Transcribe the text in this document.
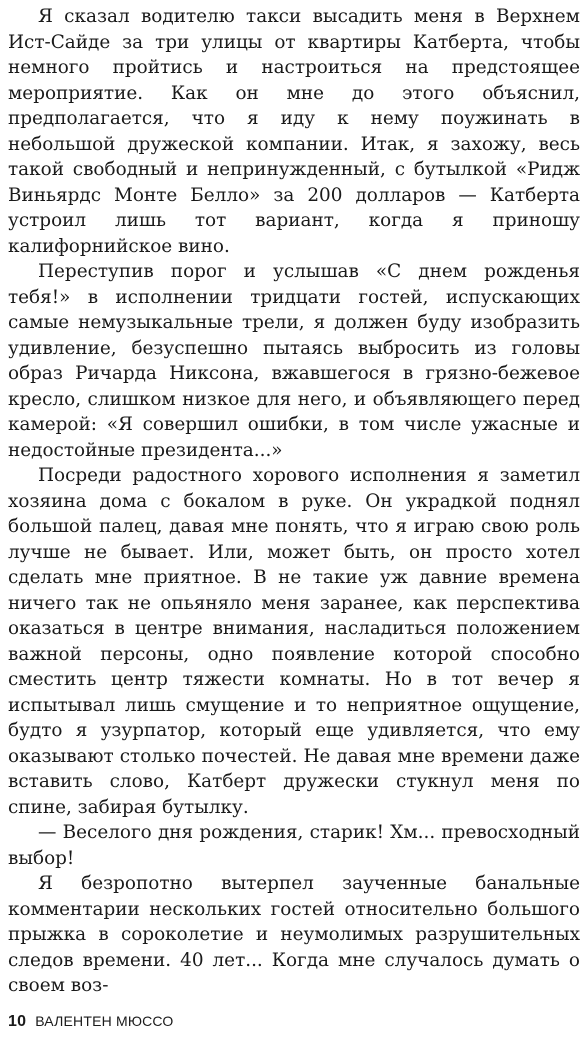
Я сказал водителю такси высадить меня в Верхнем Ист-Сайде за три улицы от квартиры Катберта, чтобы немного пройтись и настроиться на предстоящее мероприятие. Как он мне до этого объяснил, предполагается, что я иду к нему поужинать в небольшой дружеской компании. Итак, я захожу, весь такой свободный и непринужденный, с бутылкой «Ридж Виньярдс Монте Белло» за 200 долларов — Катберта устроил лишь тот вариант, когда я приношу калифорнийское вино.

Переступив порог и услышав «С днем рожденья тебя!» в исполнении тридцати гостей, испускающих самые немузыкальные трели, я должен буду изобразить удивление, безуспешно пытаясь выбросить из головы образ Ричарда Никсона, вжавшегося в грязно-бежевое кресло, слишком низкое для него, и объявляющего перед камерой: «Я совершил ошибки, в том числе ужасные и недостойные президента...»

Посреди радостного хорового исполнения я заметил хозяина дома с бокалом в руке. Он украдкой поднял большой палец, давая мне понять, что я играю свою роль лучше не бывает. Или, может быть, он просто хотел сделать мне приятное. В не такие уж давние времена ничего так не опьяняло меня заранее, как перспектива оказаться в центре внимания, насладиться положением важной персоны, одно появление которой способно сместить центр тяжести комнаты. Но в тот вечер я испытывал лишь смущение и то неприятное ощущение, будто я узурпатор, который еще удивляется, что ему оказывают столько почестей. Не давая мне времени даже вставить слово, Катберт дружески стукнул меня по спине, забирая бутылку.

— Веселого дня рождения, старик! Хм... превосходный выбор!

Я безропотно вытерпел заученные банальные комментарии нескольких гостей относительно большого прыжка в сороколетие и неумолимых разрушительных следов времени. 40 лет... Когда мне случалось думать о своем воз-

10 ВАЛЕНТЕН МЮССО
